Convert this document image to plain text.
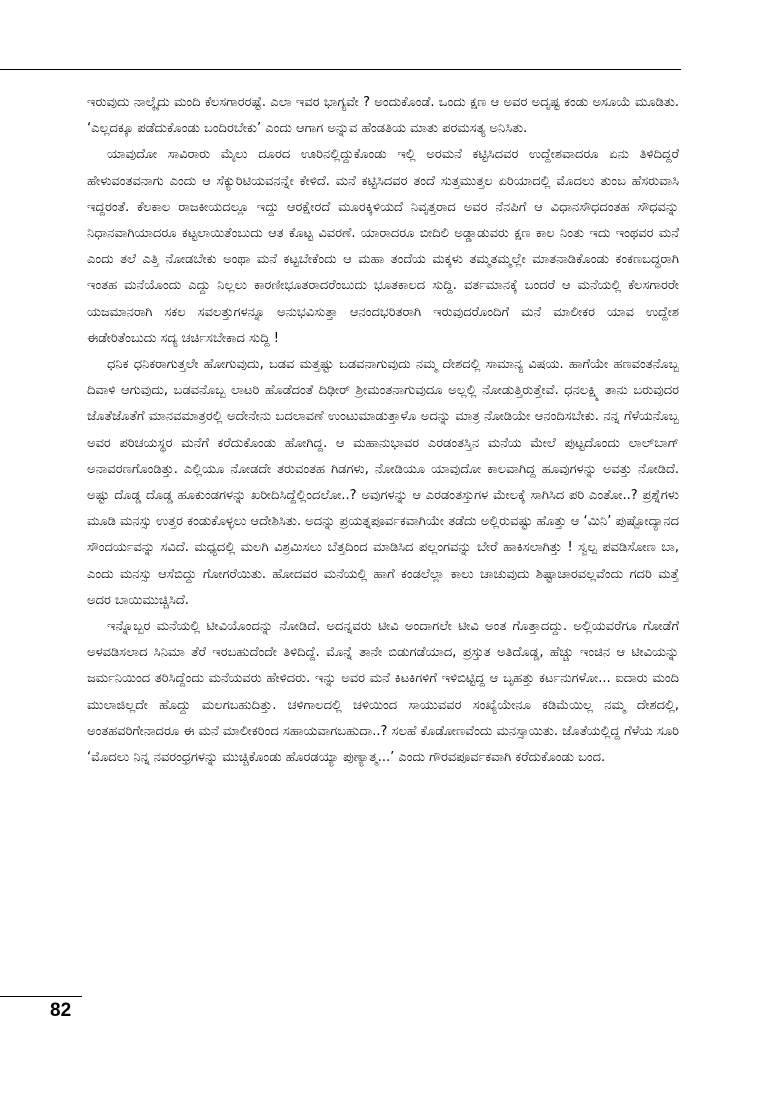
ಇರುವುದು ನಾಲ್ಕೈದು ಮಂದಿ ಕೆಲಸಗಾರರಷ್ಟೆ. ಎಲಾ ಇವರ ಭಾಗ್ಯವೇ ? ಅಂದುಕೊಂಡೆ. ಒಂದು ಕ್ಷಣ ಆ ಅವರ ಅದೃಷ್ಟ ಕಂಡು ಅಸೂಯೆ ಮೂಡಿತು. ‘ಎಲ್ಲದಕ್ಕೂ ಪಡೆದುಕೊಂಡು ಬಂದಿರಬೇಕು’ ಎಂದು ಆಗಾಗ ಅನ್ನುವ ಹೆಂಡತಿಯ ಮಾತು ಪರಮಸತ್ಯ ಅನಿಸಿತು.

ಯಾವುದೋ ಸಾವಿರಾರು ಮೈಲು ದೂರದ ಊರಿನಲ್ಲಿದ್ದುಕೊಂಡು ಇಲ್ಲಿ ಅರಮನೆ ಕಟ್ಟಿಸಿದವರ ಉದ್ದೇಶವಾದರೂ ಏನು ತಿಳಿದಿದ್ದರೆ ಹೇಳುವಂತವನಾಗು ಎಂದು ಆ ಸೆಕ್ಯುರಿಟಿಯವನನ್ನೇ ಕೇಳಿದೆ. ಮನೆ ಕಟ್ಟಿಸಿದವರ ತಂದೆ ಸುತ್ತಮುತ್ತಲ ಏರಿಯಾದಲ್ಲಿ ಮೊದಲು ತುಂಬ ಹೆಸರುವಾಸಿ ಇದ್ದರಂತೆ. ಕೆಲಕಾಲ ರಾಜಕೀಯದಲ್ಲೂ ಇದ್ದು ಆರಕ್ಷೇರದೆ ಮೂರಕ್ಕಿಳಿಯದೆ ನಿವೃತ್ತರಾದ ಅವರ ನೆನಪಿಗೆ ಆ ವಿಧಾನಸೌಧದಂತಹ ಸೌಧವನ್ನು ನಿಧಾನವಾಗಿಯಾದರೂ ಕಟ್ಟಲಾಯಿತೆಂಬುದು ಆತ ಕೊಟ್ಟ ವಿವರಣೆ. ಯಾರಾದರೂ ಬೀದಿಲಿ ಅಡ್ಡಾಡುವರು ಕ್ಷಣ ಕಾಲ ನಿಂತು ಇದು ಇಂಥವರ ಮನೆ ಎಂದು ತಲೆ ಎತ್ತಿ ನೋಡಬೇಕು ಅಂಥಾ ಮನೆ ಕಟ್ಟಬೇಕೆಂದು ಆ ಮಹಾ ತಂದೆಯ ಮಕ್ಕಳು ತಮ್ಮತಮ್ಮಲ್ಲೇ ಮಾತನಾಡಿಕೊಂಡು ಕಂಕಣಬದ್ಧರಾಗಿ ಇಂತಹ ಮನೆಯೊಂದು ಎದ್ದು ನಿಲ್ಲಲು ಕಾರಣೀಭೂತರಾದರೆಂಬುದು ಭೂತಕಾಲದ ಸುದ್ದಿ. ವರ್ತಮಾನಕ್ಕೆ ಬಂದರೆ ಆ ಮನೆಯಲ್ಲಿ ಕೆಲಸಗಾರರೇ ಯಜಮಾನರಾಗಿ ಸಕಲ ಸವಲತ್ತುಗಳನ್ನೂ ಅನುಭವಿಸುತ್ತಾ ಆನಂದಭರಿತರಾಗಿ ಇರುವುದರೊಂದಿಗೆ ಮನೆ ಮಾಲೀಕರ ಯಾವ ಉದ್ದೇಶ ಈಡೇರಿತೆಂಬುದು ಸದ್ಯ ಚರ್ಚಿಸಬೇಕಾದ ಸುದ್ದಿ !

ಧನಿಕ ಧನಿಕರಾಗುತ್ತಲೇ ಹೋಗುವುದು, ಬಡವ ಮತ್ತಷ್ಟು ಬಡವನಾಗುವುದು ನಮ್ಮ ದೇಶದಲ್ಲಿ ಸಾಮಾನ್ಯ ವಿಷಯ. ಹಾಗೆಯೇ ಹಣವಂತನೊಬ್ಬ ದಿವಾಳಿ ಆಗುವುದು, ಬಡವನೊಬ್ಬ ಲಾಟರಿ ಹೊಡೆದಂತೆ ದಿಢೀರ್ ಶ್ರೀಮಂತನಾಗುವುದೂ ಅಲ್ಲಲ್ಲಿ ನೋಡುತ್ತಿರುತ್ತೇವೆ. ಧನಲಕ್ಷ್ಮಿ ತಾನು ಬರುವುದರ ಜೊತೆಜೊತೆಗೆ ಮಾನವಮಾತ್ರರಲ್ಲಿ ಅದೇನೇನು ಬದಲಾವಣೆ ಉಂಟುಮಾಡುತ್ತಾಳೊ ಅದನ್ನು ಮಾತ್ರ ನೋಡಿಯೇ ಆನಂದಿಸಬೇಕು. ನನ್ನ ಗೆಳೆಯನೊಬ್ಬ ಅವರ ಪರಿಚಯಸ್ಥರ ಮನೆಗೆ ಕರೆದುಕೊಂಡು ಹೋಗಿದ್ದ. ಆ ಮಹಾನುಭಾವರ ಎರಡಂತಸ್ತಿನ ಮನೆಯ ಮೇಲೆ ಪುಟ್ಟದೊಂದು ಲಾಲ್‌ಬಾಗ್ ಅನಾವರಣಗೊಂಡಿತ್ತು. ಎಲ್ಲಿಯೂ ನೋಡದೇ ತರುವಂತಹ ಗಿಡಗಳು, ನೋಡಿಯೂ ಯಾವುದೋ ಕಾಲವಾಗಿದ್ದ ಹೂವುಗಳನ್ನು ಅವತ್ತು ನೋಡಿದೆ. ಅಷ್ಟು ದೊಡ್ಡ ದೊಡ್ಡ ಹೂಕುಂಡಗಳನ್ನು ಖರೀದಿಸಿದ್ದೆಲ್ಲಿಂದಲೋ..? ಅವುಗಳನ್ನು ಆ ಎರಡಂತಸ್ತುಗಳ ಮೇಲಕ್ಕೆ ಸಾಗಿಸಿದ ಪರಿ ಎಂತೋ..? ಪ್ರಶ್ನೆಗಳು ಮೂಡಿ ಮನಸ್ಸು ಉತ್ತರ ಕಂಡುಕೊಳ್ಳಲು ಆದೇಶಿಸಿತು. ಅದನ್ನು ಪ್ರಯತ್ನಪೂರ್ವಕವಾಗಿಯೇ ತಡೆದು ಅಲ್ಲಿರುವಷ್ಟು ಹೊತ್ತು ಆ ‘ಮಿನಿ’ ಪುಷ್ಪೋದ್ಯಾನದ ಸೌಂದರ್ಯವನ್ನು ಸವಿದೆ. ಮಧ್ಯದಲ್ಲಿ ಮಲಗಿ ವಿಶ್ರಮಿಸಲು ಬೆತ್ತದಿಂದ ಮಾಡಿಸಿದ ಪಲ್ಲಂಗವನ್ನು ಬೇರೆ ಹಾಕಿಸಲಾಗಿತ್ತು ! ಸ್ವಲ್ಪ ಪವಡಿಸೋಣ ಬಾ, ಎಂದು ಮನಸ್ಸು ಆಸೆಬಿದ್ದು ಗೋಗರೆಯಿತು. ಹೋದವರ ಮನೆಯಲ್ಲಿ ಹಾಗೆ ಕಂಡಲೆಲ್ಲಾ ಕಾಲು ಚಾಚುವುದು ಶಿಷ್ಟಾಚಾರವಲ್ಲವೆಂದು ಗದರಿ ಮತ್ತೆ ಅದರ ಬಾಯಿಮುಚ್ಚಿಸಿದೆ.

ಇನ್ನೊಬ್ಬರ ಮನೆಯಲ್ಲಿ ಟೀವಿಯೊಂದನ್ನು ನೋಡಿದೆ. ಅದನ್ನವರು ಟೀವಿ ಅಂದಾಗಲೇ ಟೀವಿ ಅಂತ ಗೊತ್ತಾದದ್ದು. ಅಲ್ಲಿಯವರೆಗೂ ಗೋಡೆಗೆ ಅಳವಡಿಸಲಾದ ಸಿನಿಮಾ ತೆರೆ ಇರಬಹುದೆಂದೇ ತಿಳಿದಿದ್ದೆ. ಮೊನ್ನೆ ತಾನೇ ಬಿಡುಗಡೆಯಾದ, ಪ್ರಸ್ತುತ ಅತಿದೊಡ್ಡ, ಹೆಚ್ಚು ಇಂಚಿನ ಆ ಟೀವಿಯನ್ನು ಜರ್ಮನಿಯಿಂದ ತರಿಸಿದ್ದೆಂದು ಮನೆಯವರು ಹೇಳಿದರು. ಇನ್ನು ಅವರ ಮನೆ ಕಿಟಕಿಗಳಿಗೆ ಇಳಿಬಿಟ್ಟಿದ್ದ ಆ ಬೃಹತ್ತು ಕರ್ಟನುಗಳೋ... ಐದಾರು ಮಂದಿ ಮುಲಾಜಿಲ್ಲದೇ ಹೊದ್ದು ಮಲಗಬಹುದಿತ್ತು. ಚಳಿಗಾಲದಲ್ಲಿ ಚಳಿಯಿಂದ ಸಾಯುವವರ ಸಂಖ್ಯೆಯೇನೂ ಕಡಿಮೆಯಿಲ್ಲ ನಮ್ಮ ದೇಶದಲ್ಲಿ, ಅಂತಹವರಿಗೇನಾದರೂ ಈ ಮನೆ ಮಾಲೀಕರಿಂದ ಸಹಾಯವಾಗಬಹುದಾ..? ಸಲಹೆ ಕೊಡೋಣವೆಂದು ಮನಸ್ಸಾಯಿತು. ಜೊತೆಯಲ್ಲಿದ್ದ ಗೆಳೆಯ ಸೂರಿ ‘ಮೊದಲು ನಿನ್ನ ನವರಂಧ್ರಗಳನ್ನು ಮುಚ್ಚಿಕೊಂಡು ಹೊರಡಯ್ಯಾ ಪುಣ್ಯಾತ್ಮ...’ ಎಂದು ಗೌರವಪೂರ್ವಕವಾಗಿ ಕರೆದುಕೊಂಡು ಬಂದ.

82
